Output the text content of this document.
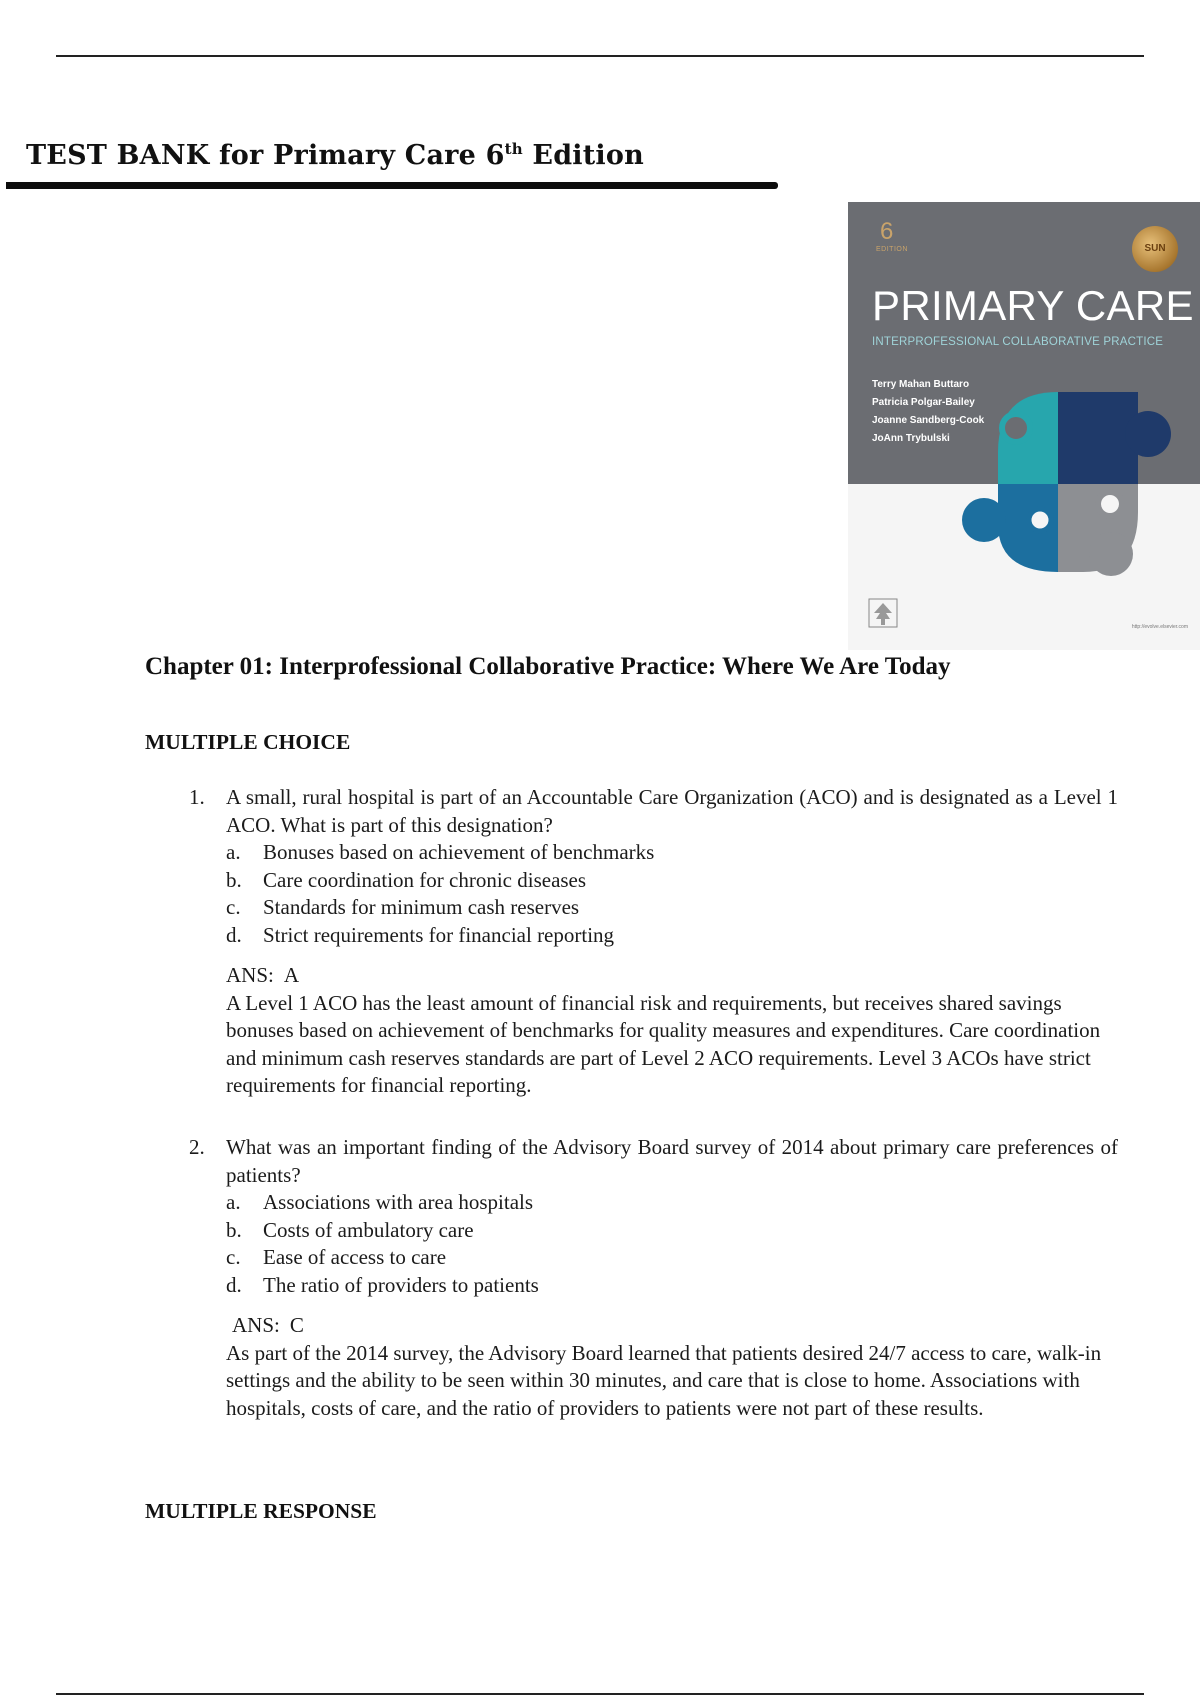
TEST BANK for Primary Care 6th Edition
6
EDITION	SUN
PRIMARY CARE
INTERPROFESSIONAL COLLABORATIVE PRACTICE
Terry Mahan Buttaro
Patricia Polgar-Bailey
Joanne Sandberg-Cook
JoAnn Trybulski
http://evolve.elsevier.com
Chapter 01: Interprofessional Collaborative Practice: Where We Are Today
MULTIPLE CHOICE
1.	A small, rural hospital is part of an Accountable Care Organization (ACO) and is designated as a Level 1 ACO. What is part of this designation?
a.	Bonuses based on achievement of benchmarks
b.	Care coordination for chronic diseases
c.	Standards for minimum cash reserves
d.	Strict requirements for financial reporting
ANS: A
A Level 1 ACO has the least amount of financial risk and requirements, but receives shared savings bonuses based on achievement of benchmarks for quality measures and expenditures. Care coordination and minimum cash reserves standards are part of Level 2 ACO requirements. Level 3 ACOs have strict requirements for financial reporting.
2.	What was an important finding of the Advisory Board survey of 2014 about primary care preferences of patients?
a.	Associations with area hospitals
b.	Costs of ambulatory care
c.	Ease of access to care
d.	The ratio of providers to patients
ANS: C
As part of the 2014 survey, the Advisory Board learned that patients desired 24/7 access to care, walk-in settings and the ability to be seen within 30 minutes, and care that is close to home. Associations with hospitals, costs of care, and the ratio of providers to patients were not part of these results.
MULTIPLE RESPONSE
